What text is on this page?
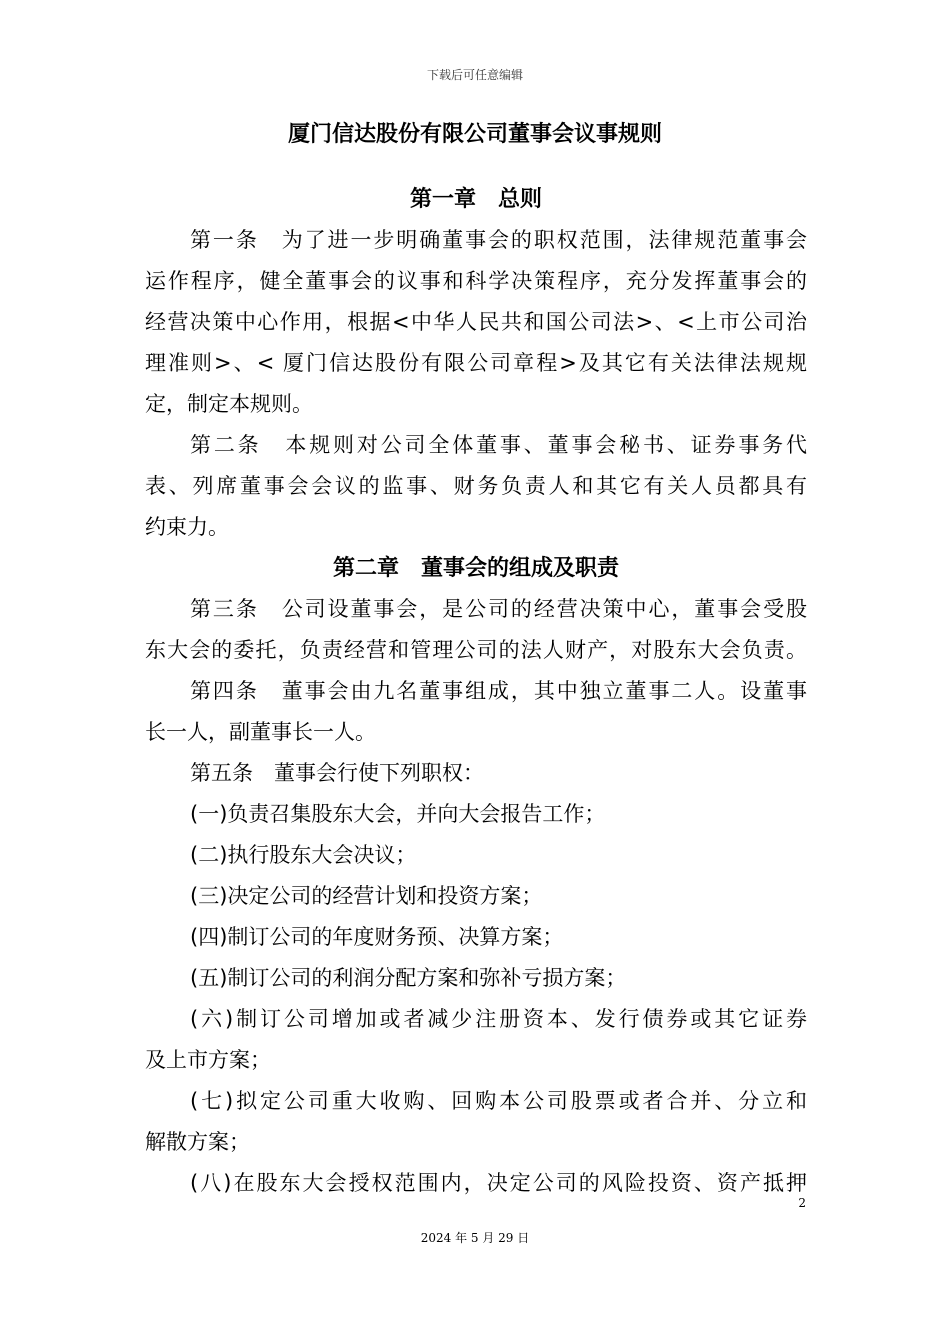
下载后可任意编辑
厦门信达股份有限公司董事会议事规则
第一章　总则
第一条　为了进一步明确董事会的职权范围，法律规范董事会
运作程序，健全董事会的议事和科学决策程序，充分发挥董事会的
经营决策中心作用，根据<中华人民共和国公司法>、<上市公司治
理准则>、< 厦门信达股份有限公司章程>及其它有关法律法规规
定，制定本规则。
第二条　本规则对公司全体董事、董事会秘书、证券事务代
表、列席董事会会议的监事、财务负责人和其它有关人员都具有
约束力。
第二章　董事会的组成及职责
第三条　公司设董事会，是公司的经营决策中心，董事会受股
东大会的委托，负责经营和管理公司的法人财产，对股东大会负责。
第四条　董事会由九名董事组成，其中独立董事二人。设董事
长一人，副董事长一人。
第五条　董事会行使下列职权：
(一)负责召集股东大会，并向大会报告工作；
(二)执行股东大会决议；
(三)决定公司的经营计划和投资方案；
(四)制订公司的年度财务预、决算方案；
(五)制订公司的利润分配方案和弥补亏损方案；
(六)制订公司增加或者减少注册资本、发行债券或其它证券
及上市方案；
(七)拟定公司重大收购、回购本公司股票或者合并、分立和
解散方案；
(八)在股东大会授权范围内，决定公司的风险投资、资产抵押
2
2024 年 5 月 29 日
